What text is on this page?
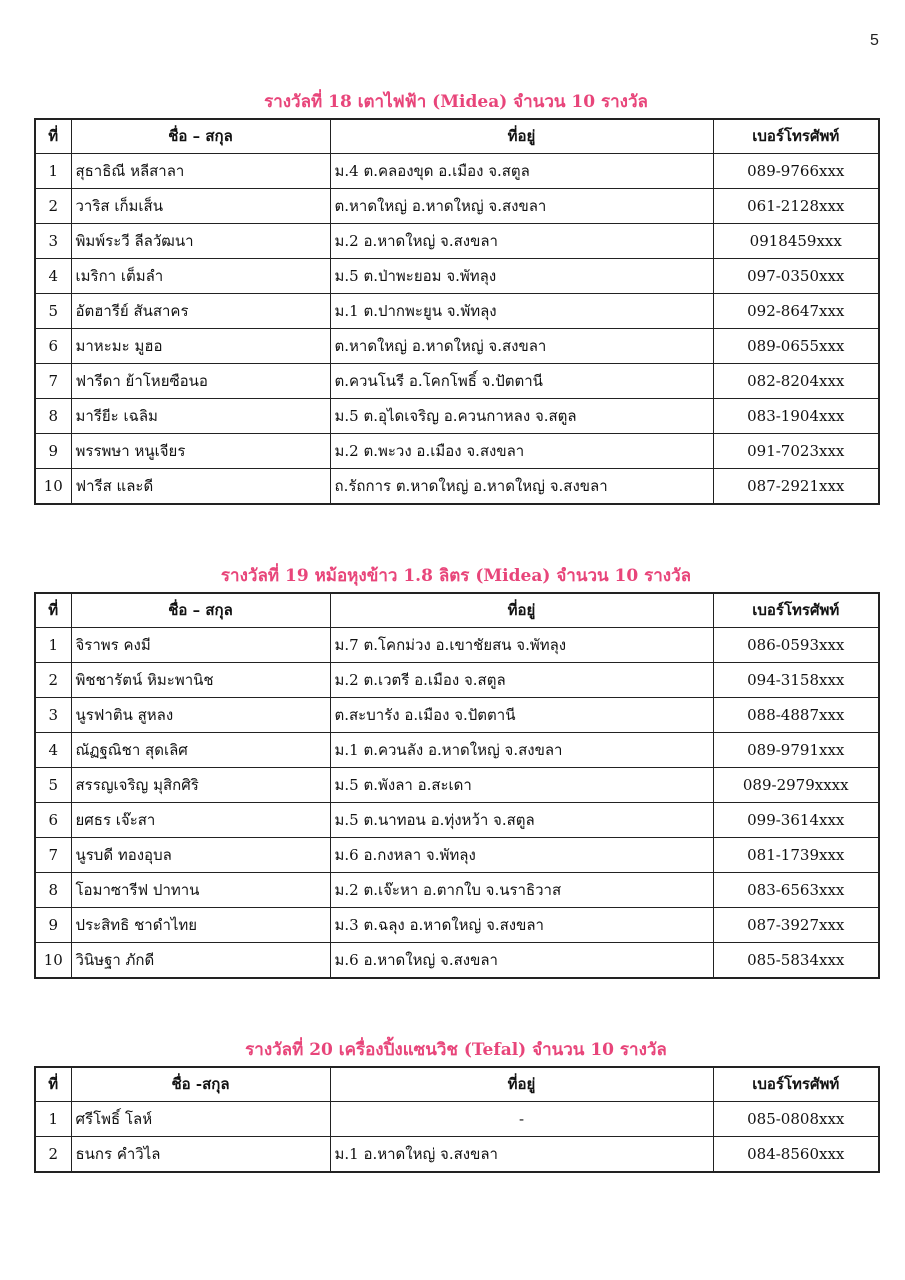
5
รางวัลที่ 18 เตาไฟฟ้า (Midea) จำนวน 10 รางวัล
ที่	ชื่อ – สกุล	ที่อยู่	เบอร์โทรศัพท์
1	สุธาธิณี หลีสาลา	ม.4 ต.คลองขุด อ.เมือง จ.สตูล	089-9766xxx
2	วาริส เก็มเส็น	ต.หาดใหญ่ อ.หาดใหญ่ จ.สงขลา	061-2128xxx
3	พิมพ์ระวี ลีลวัฒนา	ม.2 อ.หาดใหญ่ จ.สงขลา	0918459xxx
4	เมริกา เต็มลำ	ม.5 ต.ป่าพะยอม จ.พัทลุง	097-0350xxx
5	อัตฮารีย์ สันสาคร	ม.1 ต.ปากพะยูน จ.พัทลุง	092-8647xxx
6	มาหะมะ มูฮอ	ต.หาดใหญ่ อ.หาดใหญ่ จ.สงขลา	089-0655xxx
7	ฟารีดา ย้าโหยซือนอ	ต.ควนโนรี อ.โคกโพธิ์ จ.ปัตตานี	082-8204xxx
8	มารียีะ เฉลิม	ม.5 ต.อุไดเจริญ อ.ควนกาหลง จ.สตูล	083-1904xxx
9	พรรพษา หนูเจียร	ม.2 ต.พะวง อ.เมือง จ.สงขลา	091-7023xxx
10	ฟารีส และดี	ถ.รัถการ ต.หาดใหญ่ อ.หาดใหญ่ จ.สงขลา	087-2921xxx
รางวัลที่ 19 หม้อหุงข้าว 1.8 ลิตร (Midea) จำนวน 10 รางวัล
ที่	ชื่อ – สกุล	ที่อยู่	เบอร์โทรศัพท์
1	จิราพร คงมี	ม.7 ต.โคกม่วง อ.เขาชัยสน จ.พัทลุง	086-0593xxx
2	พิชชารัตน์ หิมะพานิช	ม.2 ต.เวตรี อ.เมือง จ.สตูล	094-3158xxx
3	นูรฟาติน สูหลง	ต.สะบารัง อ.เมือง จ.ปัตตานี	088-4887xxx
4	ณัฏฐณิชา สุดเลิศ	ม.1 ต.ควนลัง อ.หาดใหญ่ จ.สงขลา	089-9791xxx
5	สรรญเจริญ มุสิกศิริ	ม.5 ต.พังลา อ.สะเดา	089-2979xxxx
6	ยศธร เจ๊ะสา	ม.5 ต.นาทอน อ.ทุ่งหว้า จ.สตูล	099-3614xxx
7	นูรบดี ทองอุบล	ม.6 อ.กงหลา จ.พัทลุง	081-1739xxx
8	โอมาซารีฟ ปาทาน	ม.2 ต.เจ๊ะหา อ.ตากใบ จ.นราธิวาส	083-6563xxx
9	ประสิทธิ ชาดำไทย	ม.3 ต.ฉลุง อ.หาดใหญ่ จ.สงขลา	087-3927xxx
10	วินิษฐา ภักดี	ม.6 อ.หาดใหญ่ จ.สงขลา	085-5834xxx
รางวัลที่ 20 เครื่องปิ้งแซนวิช (Tefal) จำนวน 10 รางวัล
ที่	ชื่อ -สกุล	ที่อยู่	เบอร์โทรศัพท์
1	ศรีโพธิ์ โลห์	-	085-0808xxx
2	ธนกร คำวิไล	ม.1 อ.หาดใหญ่ จ.สงขลา	084-8560xxx
